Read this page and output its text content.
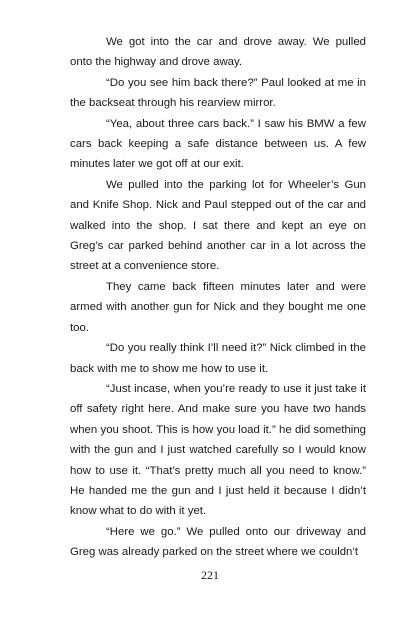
We got into the car and drove away. We pulled onto the highway and drove away.

“Do you see him back there?” Paul looked at me in the backseat through his rearview mirror.

“Yea, about three cars back.” I saw his BMW a few cars back keeping a safe distance between us. A few minutes later we got off at our exit.

We pulled into the parking lot for Wheeler’s Gun and Knife Shop. Nick and Paul stepped out of the car and walked into the shop. I sat there and kept an eye on Greg’s car parked behind another car in a lot across the street at a convenience store.

They came back fifteen minutes later and were armed with another gun for Nick and they bought me one too.

“Do you really think I’ll need it?” Nick climbed in the back with me to show me how to use it.

“Just incase, when you’re ready to use it just take it off safety right here. And make sure you have two hands when you shoot. This is how you load it.” he did something with the gun and I just watched carefully so I would know how to use it. “That’s pretty much all you need to know.” He handed me the gun and I just held it because I didn’t know what to do with it yet.

“Here we go.” We pulled onto our driveway and Greg was already parked on the street where we couldn’t

221
